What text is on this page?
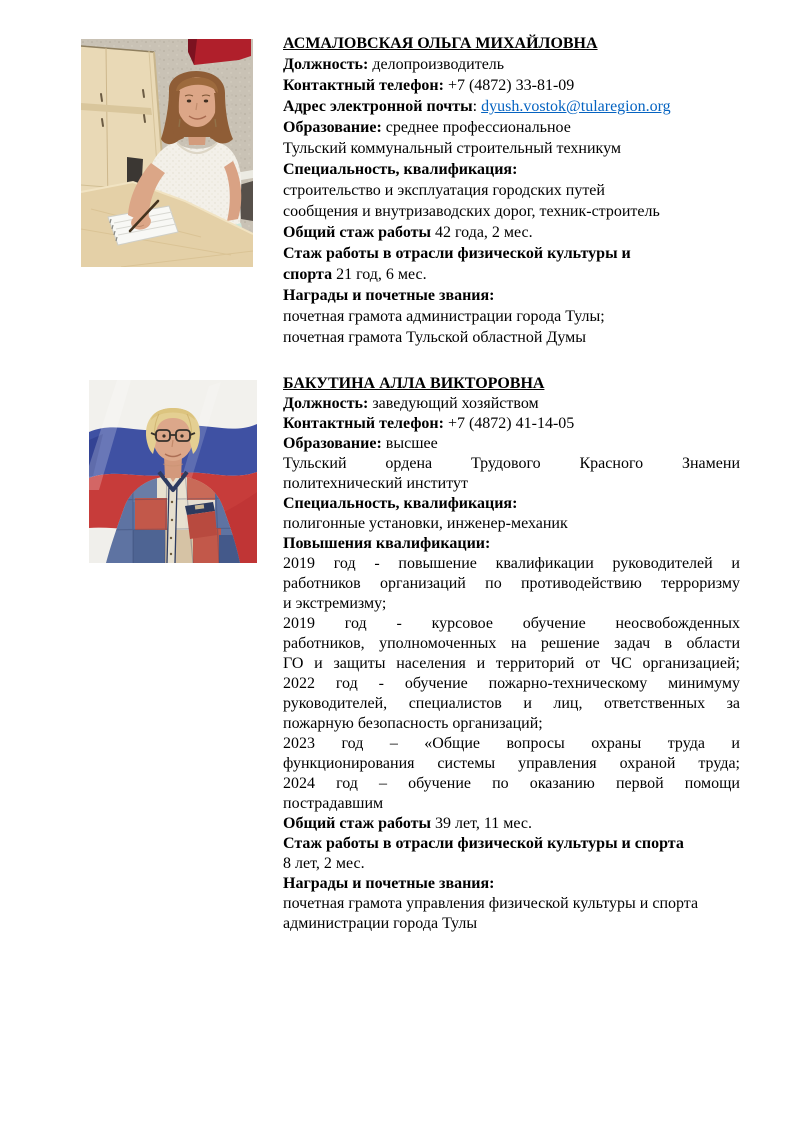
АСМАЛОВСКАЯ ОЛЬГА МИХАЙЛОВНА
Должность: делопроизводитель
Контактный телефон: +7 (4872) 33-81-09
Адрес электронной почты: dyush.vostok@tularegion.org
Образование: среднее профессиональное
Тульский коммунальный строительный техникум
Специальность, квалификация:
строительство и эксплуатация городских путей
сообщения и внутризаводских дорог, техник-строитель
Общий стаж работы 42 года, 2 мес.
Стаж работы в отрасли физической культуры и
спорта 21 год, 6 мес.
Награды и почетные звания:
почетная грамота администрации города Тулы;
почетная грамота Тульской областной Думы
БАКУТИНА АЛЛА ВИКТОРОВНА
Должность: заведующий хозяйством
Контактный телефон: +7 (4872) 41-14-05
Образование: высшее
Тульский ордена Трудового Красного Знамени
политехнический институт
Специальность, квалификация:
полигонные установки, инженер-механик
Повышения квалификации:
2019 год - повышение квалификации руководителей и
работников организаций по противодействию терроризму
и экстремизму;
2019 год - курсовое обучение неосвобожденных
работников, уполномоченных на решение задач в области
ГО и защиты населения и территорий от ЧС организацией;
2022 год - обучение пожарно-техническому минимуму
руководителей, специалистов и лиц, ответственных за
пожарную безопасность организаций;
2023 год – «Общие вопросы охраны труда и
функционирования системы управления охраной труда;
2024 год – обучение по оказанию первой помощи
пострадавшим
Общий стаж работы 39 лет, 11 мес.
Стаж работы в отрасли физической культуры и спорта
8 лет, 2 мес.
Награды и почетные звания:
почетная грамота управления физической культуры и спорта
администрации города Тулы
